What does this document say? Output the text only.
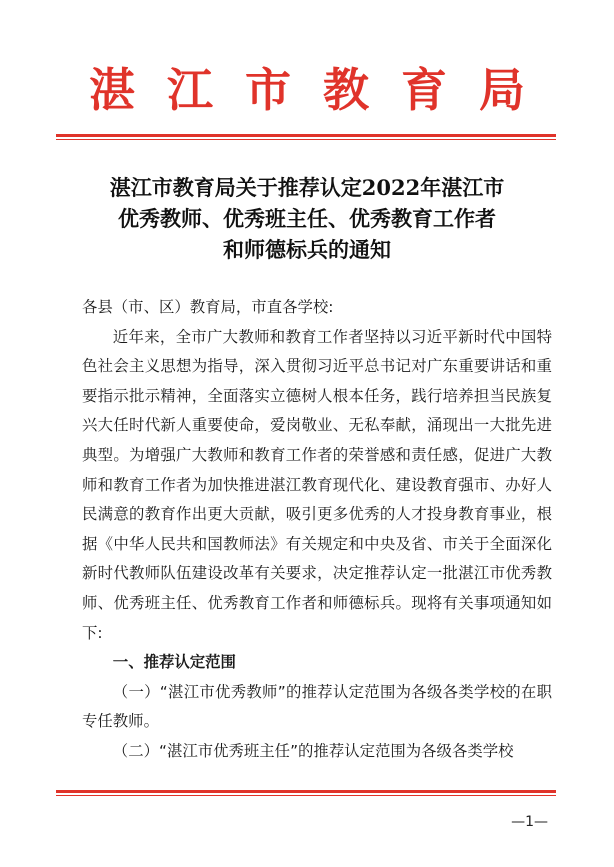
湛江市教育局
湛江市教育局关于推荐认定2022年湛江市
优秀教师、优秀班主任、优秀教育工作者
和师德标兵的通知

各县（市、区）教育局，市直各学校:

近年来，全市广大教师和教育工作者坚持以习近平新时代中国特色社会主义思想为指导，深入贯彻习近平总书记对广东重要讲话和重要指示批示精神，全面落实立德树人根本任务，践行培养担当民族复兴大任时代新人重要使命，爱岗敬业、无私奉献，涌现出一大批先进典型。为增强广大教师和教育工作者的荣誉感和责任感，促进广大教师和教育工作者为加快推进湛江教育现代化、建设教育强市、办好人民满意的教育作出更大贡献，吸引更多优秀的人才投身教育事业，根据《中华人民共和国教师法》有关规定和中央及省、市关于全面深化新时代教师队伍建设改革有关要求，决定推荐认定一批湛江市优秀教师、优秀班主任、优秀教育工作者和师德标兵。现将有关事项通知如下:

一、推荐认定范围

（一）“湛江市优秀教师”的推荐认定范围为各级各类学校的在职专任教师。

（二）“湛江市优秀班主任”的推荐认定范围为各级各类学校

—1—
